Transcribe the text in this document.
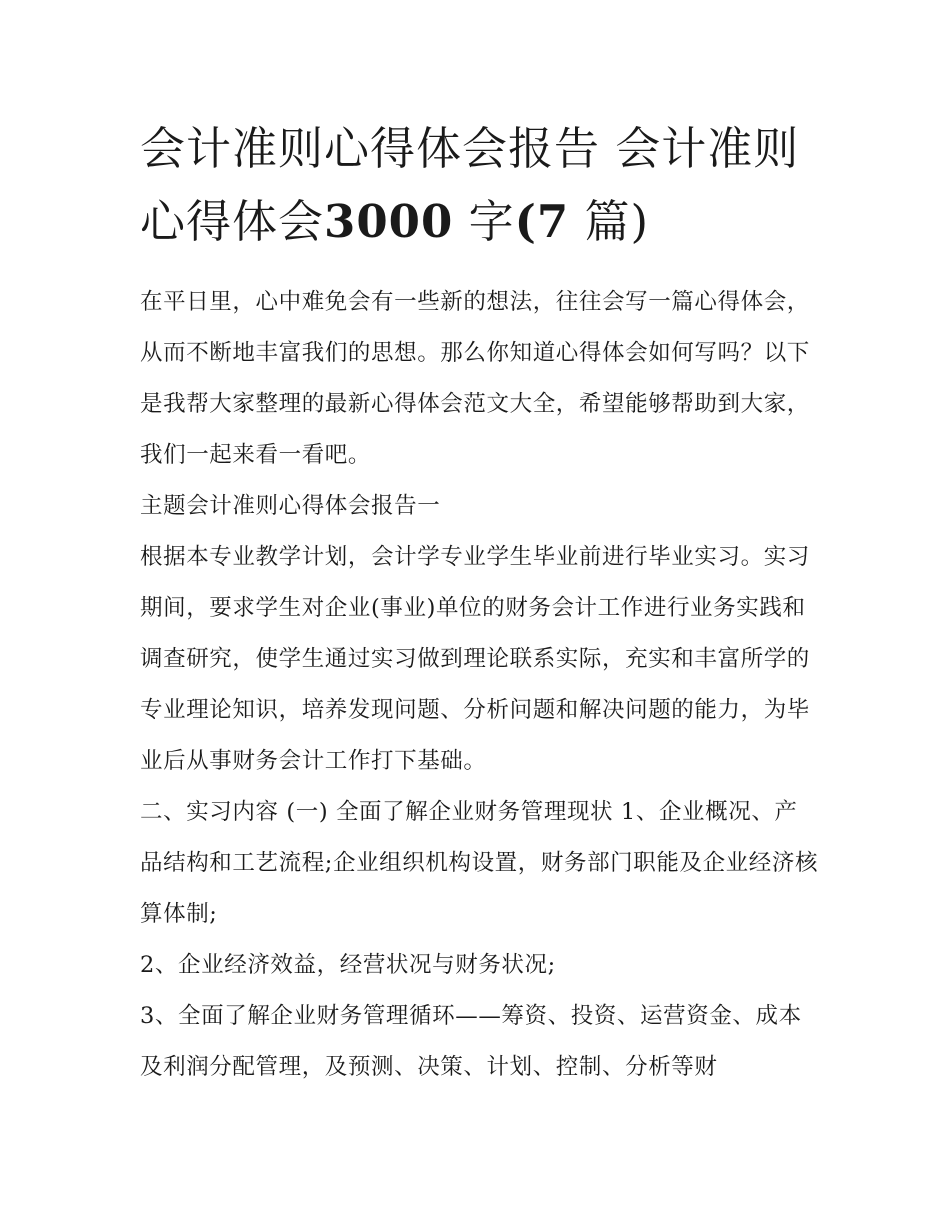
会计准则心得体会报告 会计准则心得体会3000 字(7 篇)

在平日里，心中难免会有一些新的想法，往往会写一篇心得体会，从而不断地丰富我们的思想。那么你知道心得体会如何写吗？以下是我帮大家整理的最新心得体会范文大全，希望能够帮助到大家，我们一起来看一看吧。

主题会计准则心得体会报告一

根据本专业教学计划，会计学专业学生毕业前进行毕业实习。实习期间，要求学生对企业(事业)单位的财务会计工作进行业务实践和调查研究，使学生通过实习做到理论联系实际，充实和丰富所学的专业理论知识，培养发现问题、分析问题和解决问题的能力，为毕业后从事财务会计工作打下基础。

二、实习内容 (一) 全面了解企业财务管理现状 1、企业概况、产品结构和工艺流程;企业组织机构设置，财务部门职能及企业经济核算体制;

2、企业经济效益，经营状况与财务状况;

3、全面了解企业财务管理循环——筹资、投资、运营资金、成本及利润分配管理，及预测、决策、计划、控制、分析等财
